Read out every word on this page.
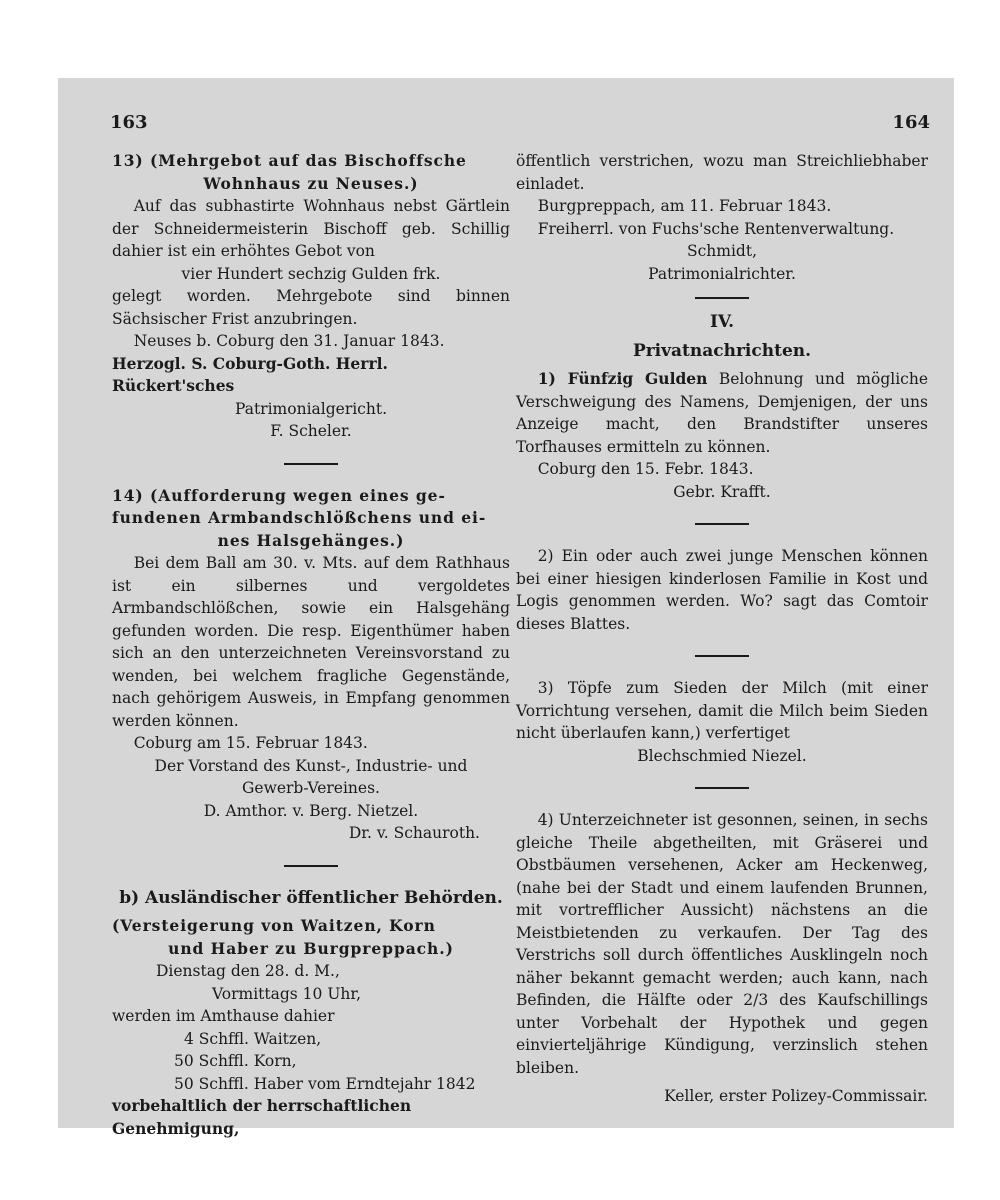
163	164

13) (Mehrgebot auf das Bischoffsche

Wohnhaus zu Neuses.)

Auf das subhastirte Wohnhaus nebst Gärtlein der Schneidermeisterin Bischoff geb. Schillig dahier ist ein erhöhtes Gebot von

vier Hundert sechzig Gulden frk.

gelegt worden. Mehrgebote sind binnen Sächsischer Frist anzubringen.

Neuses b. Coburg den 31. Januar 1843.

Herzogl. S. Coburg-Goth. Herrl. Rückert'sches

Patrimonialgericht.

F. Scheler.

14) (Aufforderung wegen eines ge-

fundenen Armbandschlößchens und ei-

nes Halsgehänges.)

Bei dem Ball am 30. v. Mts. auf dem Rathhaus ist ein silbernes und vergoldetes Armbandschlößchen, sowie ein Halsgehäng gefunden worden. Die resp. Eigenthümer haben sich an den unterzeichneten Vereinsvorstand zu wenden, bei welchem fragliche Gegenstände, nach gehörigem Ausweis, in Empfang genommen werden können.

Coburg am 15. Februar 1843.

Der Vorstand des Kunst-, Industrie- und

Gewerb-Vereines.

D. Amthor. v. Berg. Nietzel.

Dr. v. Schauroth.

b) Ausländischer öffentlicher Behörden.

(Versteigerung von Waitzen, Korn

und Haber zu Burgpreppach.)

Dienstag den 28. d. M.,

Vormittags 10 Uhr,

werden im Amthause dahier

4 Schffl. Waitzen,

50 Schffl. Korn,

50 Schffl. Haber vom Erndtejahr 1842

vorbehaltlich der herrschaftlichen Genehmigung,

öffentlich verstrichen, wozu man Streichliebhaber einladet.

Burgpreppach, am 11. Februar 1843.

Freiherrl. von Fuchs'sche Rentenverwaltung.

Schmidt,

Patrimonialrichter.

IV.

Privatnachrichten.

1) Fünfzig Gulden Belohnung und mögliche Verschweigung des Namens, Demjenigen, der uns Anzeige macht, den Brandstifter unseres Torfhauses ermitteln zu können.

Coburg den 15. Febr. 1843.

Gebr. Krafft.

2) Ein oder auch zwei junge Menschen können bei einer hiesigen kinderlosen Familie in Kost und Logis genommen werden. Wo? sagt das Comtoir dieses Blattes.

3) Töpfe zum Sieden der Milch (mit einer Vorrichtung versehen, damit die Milch beim Sieden nicht überlaufen kann,) verfertiget

Blechschmied Niezel.

4) Unterzeichneter ist gesonnen, seinen, in sechs gleiche Theile abgetheilten, mit Gräserei und Obstbäumen versehenen, Acker am Heckenweg, (nahe bei der Stadt und einem laufenden Brunnen, mit vortrefflicher Aussicht) nächstens an die Meistbietenden zu verkaufen. Der Tag des Verstrichs soll durch öffentliches Ausklingeln noch näher bekannt gemacht werden; auch kann, nach Befinden, die Hälfte oder 2/3 des Kaufschillings unter Vorbehalt der Hypothek und gegen einvierteljährige Kündigung, verzinslich stehen bleiben.

Keller, erster Polizey-Commissair.
